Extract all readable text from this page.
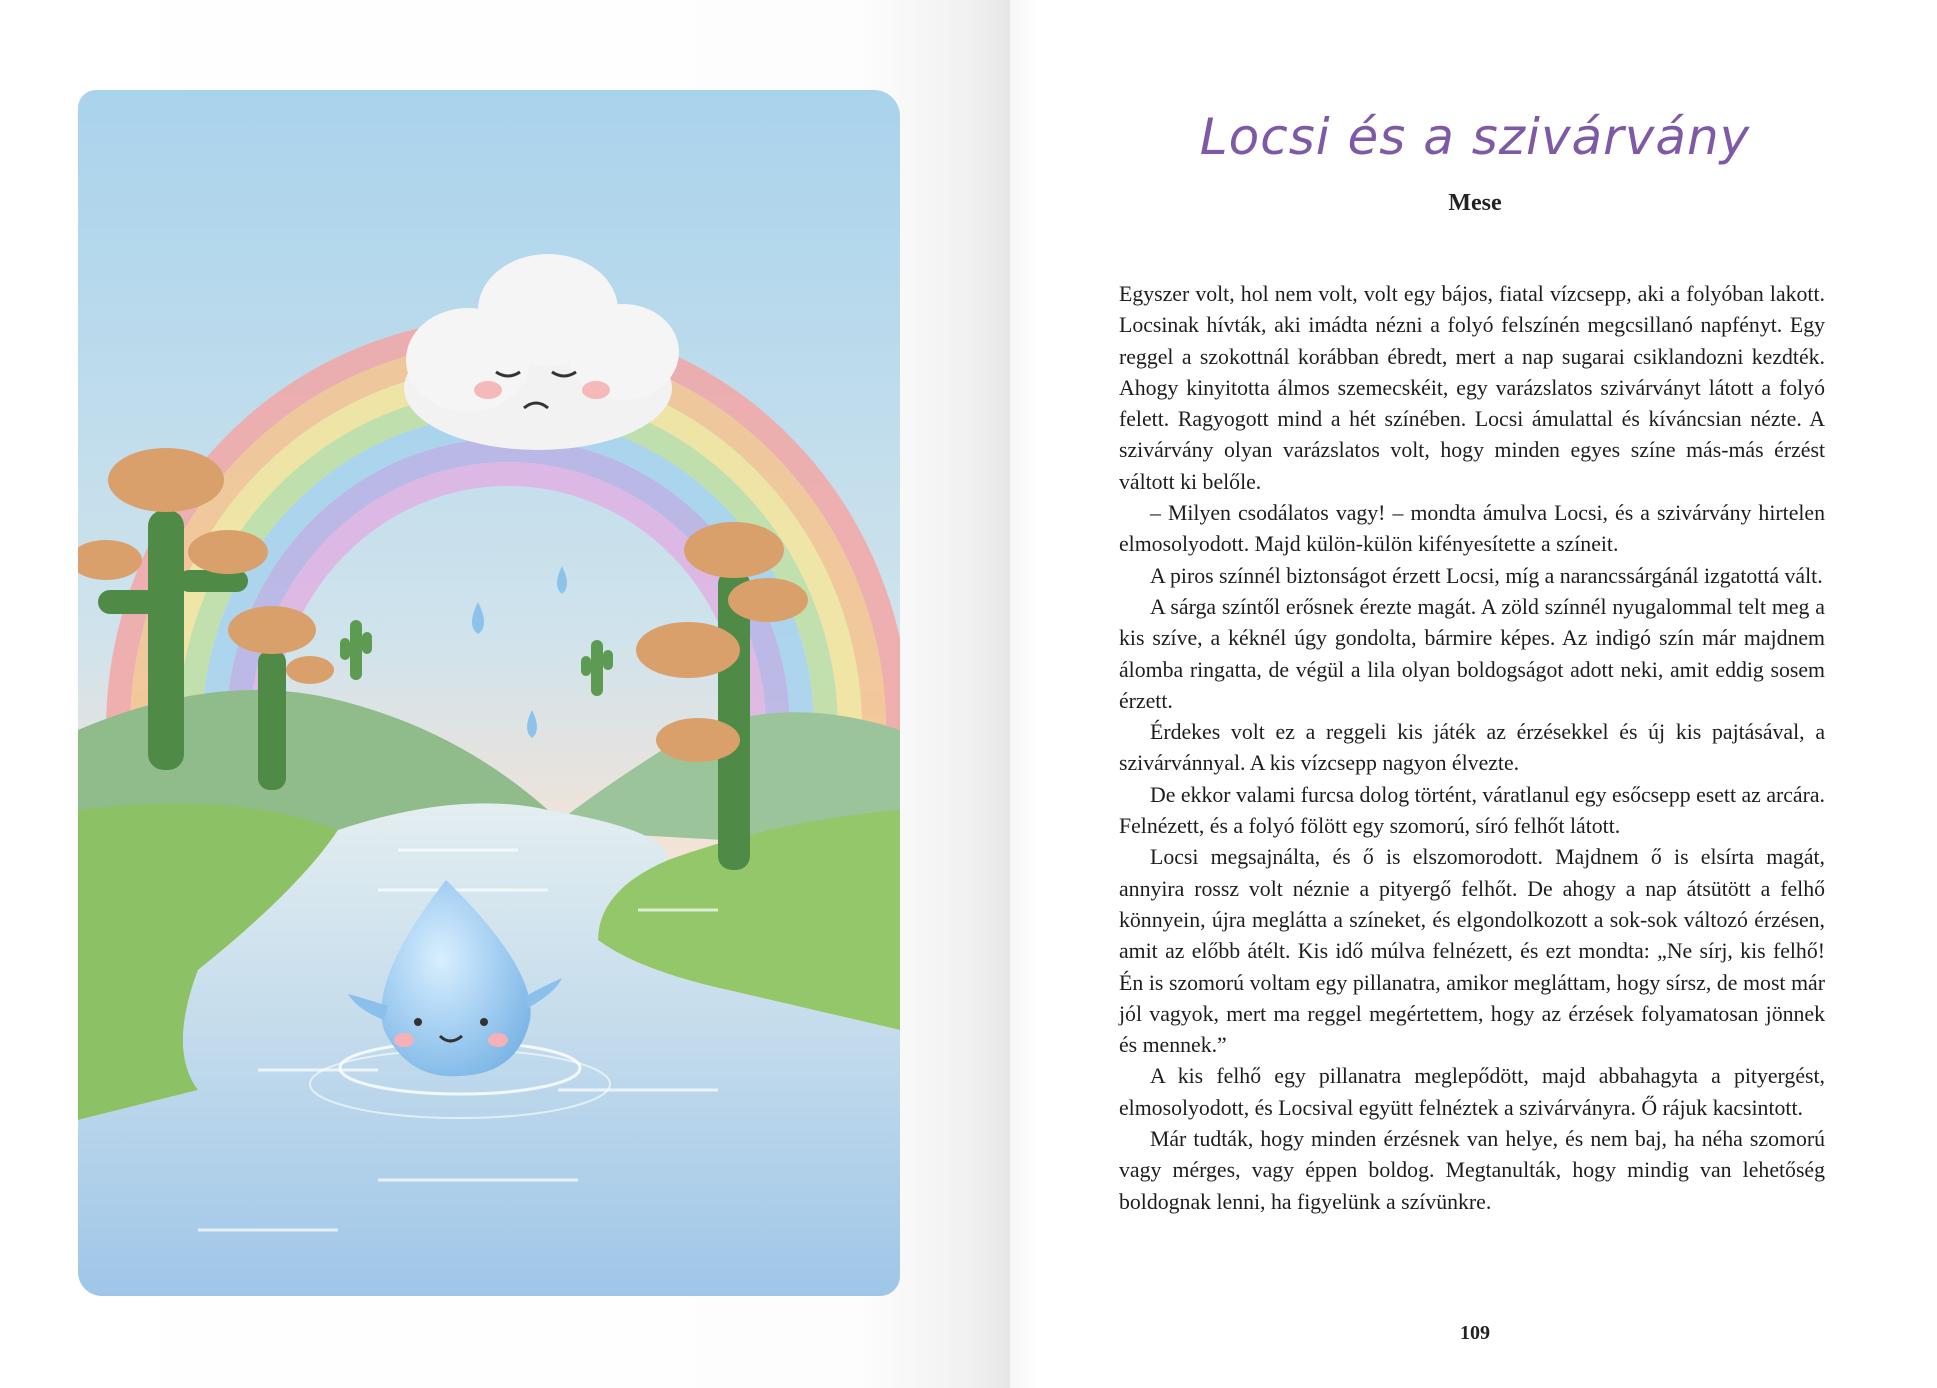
Locsi és a szivárvány
Mese

Egyszer volt, hol nem volt, volt egy bájos, fiatal vízcsepp, aki a folyóban lakott. Locsinak hívták, aki imádta nézni a folyó felszínén megcsillanó napfényt. Egy reggel a szokottnál korábban ébredt, mert a nap sugarai csiklandozni kezdték. Ahogy kinyitotta álmos szemecskéit, egy varázslatos szivárványt látott a folyó felett. Ragyogott mind a hét színében. Locsi ámulattal és kíváncsian nézte. A szivárvány olyan varázslatos volt, hogy minden egyes színe más-más érzést váltott ki belőle.

– Milyen csodálatos vagy! – mondta ámulva Locsi, és a szivárvány hirtelen elmosolyodott. Majd külön-külön kifényesítette a színeit.

A piros színnél biztonságot érzett Locsi, míg a narancssárgánál izgatottá vált.

A sárga színtől erősnek érezte magát. A zöld színnél nyugalommal telt meg a kis szíve, a kéknél úgy gondolta, bármire képes. Az indigó szín már majdnem álomba ringatta, de végül a lila olyan boldogságot adott neki, amit eddig sosem érzett.

Érdekes volt ez a reggeli kis játék az érzésekkel és új kis pajtásával, a szivárvánnyal. A kis vízcsepp nagyon élvezte.

De ekkor valami furcsa dolog történt, váratlanul egy esőcsepp esett az arcára. Felnézett, és a folyó fölött egy szomorú, síró felhőt látott.

Locsi megsajnálta, és ő is elszomorodott. Majdnem ő is elsírta magát, annyira rossz volt néznie a pityergő felhőt. De ahogy a nap átsütött a felhő könnyein, újra meglátta a színeket, és elgondolkozott a sok-sok változó érzésen, amit az előbb átélt. Kis idő múlva felnézett, és ezt mondta: „Ne sírj, kis felhő! Én is szomorú voltam egy pillanatra, amikor megláttam, hogy sírsz, de most már jól vagyok, mert ma reggel megértettem, hogy az érzések folyamatosan jönnek és mennek.”

A kis felhő egy pillanatra meglepődött, majd abbahagyta a pityergést, elmosolyodott, és Locsival együtt felnéztek a szivárványra. Ő rájuk kacsintott.

Már tudták, hogy minden érzésnek van helye, és nem baj, ha néha szomorú vagy mérges, vagy éppen boldog. Megtanulták, hogy mindig van lehetőség boldognak lenni, ha figyelünk a szívünkre.

109
